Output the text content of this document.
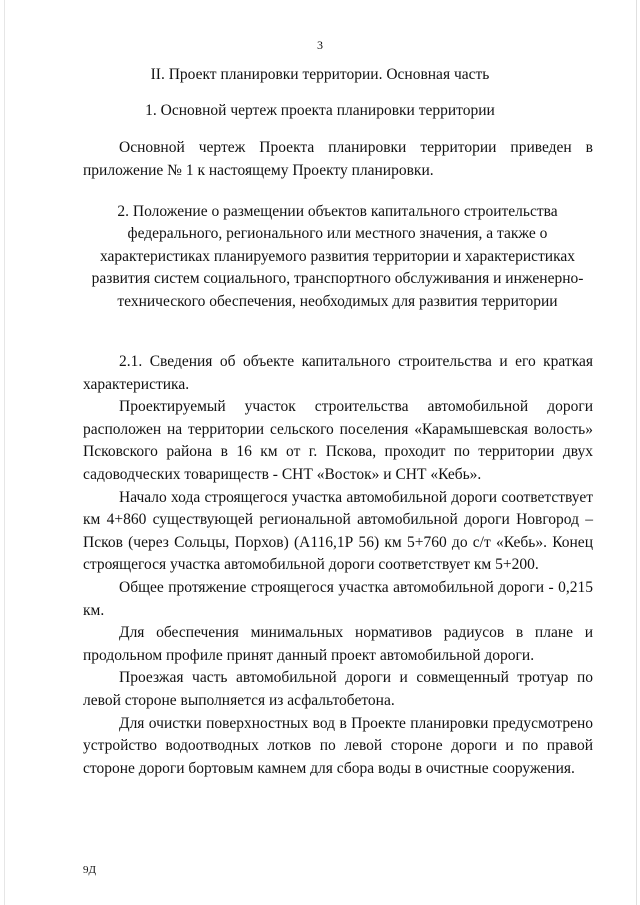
3
II. Проект планировки территории. Основная часть
1. Основной чертеж проекта планировки территории

Основной чертеж Проекта планировки территории приведен в приложение № 1 к настоящему Проекту планировки.

2. Положение о размещении объектов капитального строительства федерального, регионального или местного значения, а также о характеристиках планируемого развития территории и характеристиках развития систем социального, транспортного обслуживания и инженерно-технического обеспечения, необходимых для развития территории

2.1. Сведения об объекте капитального строительства и его краткая характеристика.

Проектируемый участок строительства автомобильной дороги расположен на территории сельского поселения «Карамышевская волость» Псковского района в 16 км от г. Пскова, проходит по территории двух садоводческих товариществ - СНТ «Восток» и СНТ «Кебь».

Начало хода строящегося участка автомобильной дороги соответствует км 4+860 существующей региональной автомобильной дороги Новгород – Псков (через Сольцы, Порхов) (А116,1Р 56) км 5+760 до с/т «Кебь». Конец строящегося участка автомобильной дороги соответствует км 5+200.

Общее протяжение строящегося участка автомобильной дороги - 0,215 км.

Для обеспечения минимальных нормативов радиусов в плане и продольном профиле принят данный проект автомобильной дороги.

Проезжая часть автомобильной дороги и совмещенный тротуар по левой стороне выполняется из асфальтобетона.

Для очистки поверхностных вод в Проекте планировки предусмотрено устройство водоотводных лотков по левой стороне дороги и по правой стороне дороги бортовым камнем для сбора воды в очистные сооружения.

9Д
